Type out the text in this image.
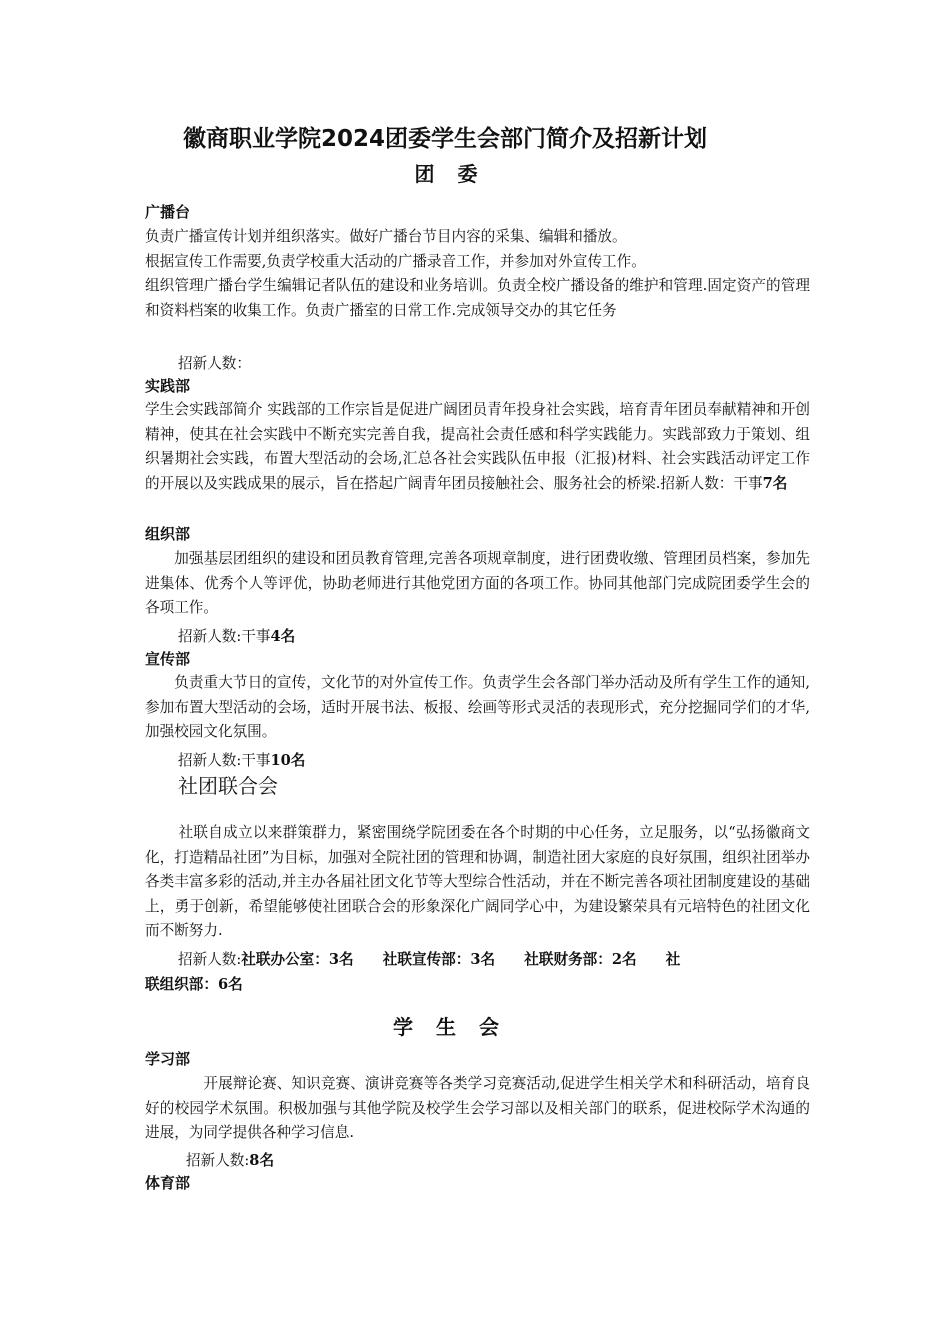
徽商职业学院2024团委学生会部门简介及招新计划
团 委
广播台

负责广播宣传计划并组织落实。做好广播台节目内容的采集、编辑和播放。

根据宣传工作需要,负责学校重大活动的广播录音工作，并参加对外宣传工作。

组织管理广播台学生编辑记者队伍的建设和业务培训。负责全校广播设备的维护和管理.固定资产的管理和资料档案的收集工作。负责广播室的日常工作.完成领导交办的其它任务

招新人数：
实践部

学生会实践部简介 实践部的工作宗旨是促进广阔团员青年投身社会实践，培育青年团员奉献精神和开创精神，使其在社会实践中不断充实完善自我，提高社会责任感和科学实践能力。实践部致力于策划、组织暑期社会实践，布置大型活动的会场,汇总各社会实践队伍申报（汇报)材料、社会实践活动评定工作的开展以及实践成果的展示，旨在搭起广阔青年团员接触社会、服务社会的桥梁.招新人数：干事7名

组织部

加强基层团组织的建设和团员教育管理,完善各项规章制度，进行团费收缴、管理团员档案，参加先进集体、优秀个人等评优，协助老师进行其他党团方面的各项工作。协同其他部门完成院团委学生会的各项工作。

招新人数:干事4名
宣传部

负责重大节日的宣传，文化节的对外宣传工作。负责学生会各部门举办活动及所有学生工作的通知,参加布置大型活动的会场，适时开展书法、板报、绘画等形式灵活的表现形式，充分挖掘同学们的才华,加强校园文化氛围。

招新人数:干事10名
社团联合会

社联自成立以来群策群力，紧密围绕学院团委在各个时期的中心任务，立足服务，以“弘扬徽商文化，打造精品社团”为目标，加强对全院社团的管理和协调，制造社团大家庭的良好氛围，组织社团举办各类丰富多彩的活动,并主办各届社团文化节等大型综合性活动，并在不断完善各项社团制度建设的基础上，勇于创新，希望能够使社团联合会的形象深化广阔同学心中，为建设繁荣具有元培特色的社团文化而不断努力.

招新人数:社联办公室：3名　　社联宣传部：3名　　社联财务部：2名　　社
联组织部：6名
学 生 会
学习部

开展辩论赛、知识竞赛、演讲竞赛等各类学习竞赛活动,促进学生相关学术和科研活动，培育良好的校园学术氛围。积极加强与其他学院及校学生会学习部以及相关部门的联系，促进校际学术沟通的进展，为同学提供各种学习信息.

招新人数:8名
体育部
